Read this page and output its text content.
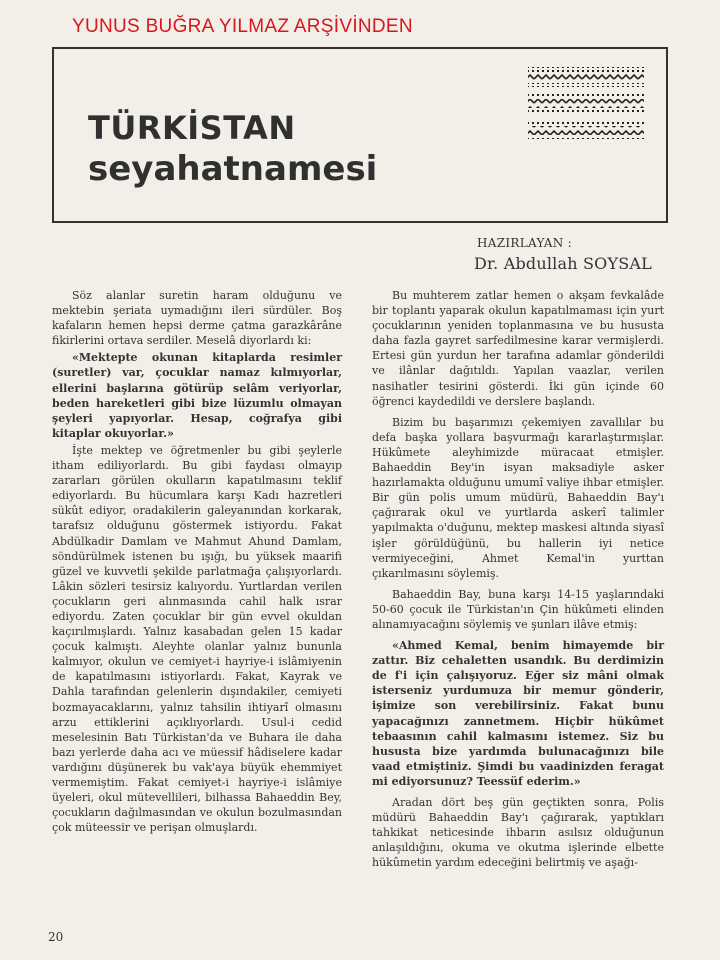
YUNUS BUĞRA YILMAZ ARŞİVİNDEN
TÜRKİSTAN
seyahatnamesi
HAZIRLAYAN :
Dr. Abdullah SOYSAL

Söz alanlar suretin haram olduğunu ve mektebin şeriata uymadığını ileri sürdüler. Boş kafaların hemen hepsi derme çatma garazkârâne fikirlerini ortava serdiler. Meselâ diyorlardı ki:

«Mektepte okunan kitaplarda resimler (suretler) var, çocuklar namaz kılmıyorlar, ellerini başlarına götürüp selâm veriyorlar, beden hareketleri gibi bize lüzumlu olmayan şeyleri yapıyorlar. Hesap, coğrafya gibi kitaplar okuyorlar.»

İşte mektep ve öğretmenler bu gibi şeylerle itham ediliyorlardı. Bu gibi faydası olmayıp zararları görülen okulların kapatılmasını teklif ediyorlardı. Bu hücumlara karşı Kadı hazretleri sükût ediyor, oradakilerin galeyanından korkarak, tarafsız olduğunu göstermek istiyordu. Fakat Abdülkadir Damlam ve Mahmut Ahund Damlam, söndürülmek istenen bu ışığı, bu yüksek maarifi güzel ve kuvvetli şekilde parlatmağa çalışıyorlardı. Lâkin sözleri tesirsiz kalıyordu. Yurtlardan verilen çocukların geri alınmasında cahil halk ısrar ediyordu. Zaten çocuklar bir gün evvel okuldan kaçırılmışlardı. Yalnız kasabadan gelen 15 kadar çocuk kalmıştı. Aleyhte olanlar yalnız bununla kalmıyor, okulun ve cemiyet-i hayriye-i islâmiyenin de kapatılmasını istiyorlardı. Fakat, Kayrak ve Dahla tarafından gelenlerin dışındakiler, cemiyeti bozmayacaklarını, yalnız tahsilin ihtiyarî olmasını arzu ettiklerini açıklıyorlardı. Usul-i cedid meselesinin Batı Türkistan'da ve Buhara ile daha bazı yerlerde daha acı ve müessif hâdiselere kadar vardığını düşünerek bu vak'aya büyük ehemmiyet vermemiştim. Fakat cemiyet-i hayriye-i islâmiye üyeleri, okul mütevellileri, bilhassa Bahaeddin Bey, çocukların dağılmasından ve okulun bozulmasından çok müteessir ve perişan olmuşlardı.

Bu muhterem zatlar hemen o akşam fevkalâde bir toplantı yaparak okulun kapatılmaması için yurt çocuklarının yeniden toplanmasına ve bu hususta daha fazla gayret sarfedilmesine karar vermişlerdi. Ertesi gün yurdun her tarafına adamlar gönderildi ve ilânlar dağıtıldı. Yapılan vaazlar, verilen nasihatler tesirini gösterdi. İki gün içinde 60 öğrenci kaydedildi ve derslere başlandı.

Bizim bu başarımızı çekemiyen zavallılar bu defa başka yollara başvurmağı kararlaştırmışlar. Hükûmete aleyhimizde müracaat etmişler. Bahaeddin Bey'in isyan maksadiyle asker hazırlamakta olduğunu umumî valiye ihbar etmişler. Bir gün polis umum müdürü, Bahaeddin Bay'ı çağırarak okul ve yurtlarda askerî talimler yapılmakta o'duğunu, mektep maskesi altında siyasî işler görüldüğünü, bu hallerin iyi netice vermiyeceğini, Ahmet Kemal'in yurttan çıkarılmasını söylemiş.

Bahaeddin Bay, buna karşı 14-15 yaşlarındaki 50-60 çocuk ile Türkistan'ın Çin hükûmeti elinden alınamıyacağını söylemiş ve şunları ilâve etmiş:

«Ahmed Kemal, benim himayemde bir zattır. Biz cehaletten usandık. Bu derdimizin de f'i için çalışıyoruz. Eğer siz mâni olmak isterseniz yurdumuza bir memur gönderir, işimize son verebilirsiniz. Fakat bunu yapacağınızı zannetmem. Hiçbir hükûmet tebaasının cahil kalmasını istemez. Siz bu hususta bize yardımda bulunacağınızı bile vaad etmiştiniz. Şimdi bu vaadinizden feragat mi ediyorsunuz? Teessüf ederim.»

Aradan dört beş gün geçtikten sonra, Polis müdürü Bahaeddin Bay'ı çağırarak, yaptıkları tahkikat neticesinde ihbarın asılsız olduğunun anlaşıldığını, okuma ve okutma işlerinde elbette hükûmetin yardım edeceğini belirtmiş ve aşağı-

20
